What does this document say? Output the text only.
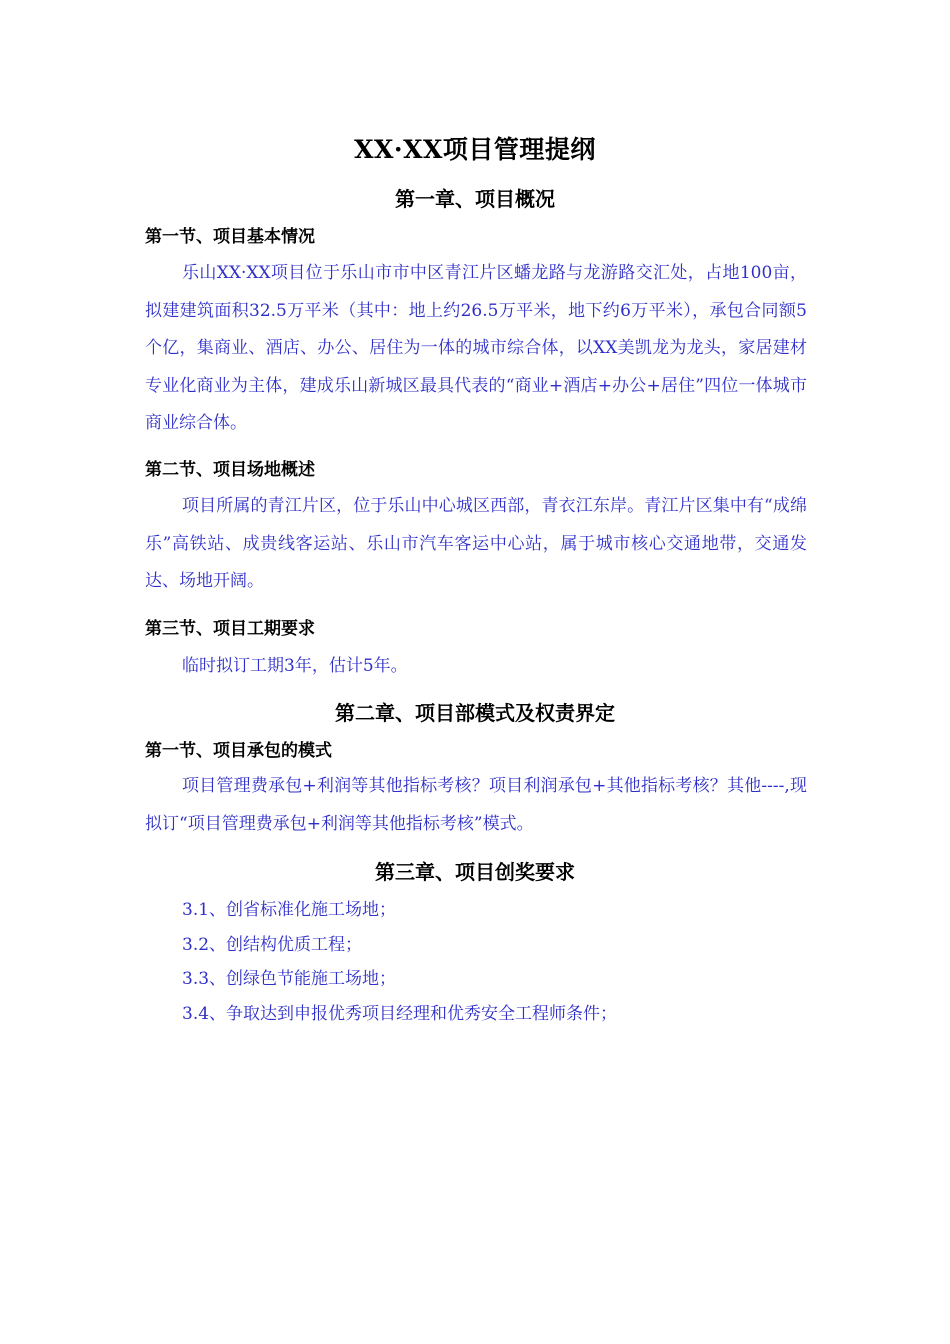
XX·XX项目管理提纲
第一章、项目概况
第一节、项目基本情况

乐山XX·XX项目位于乐山市市中区青江片区蟠龙路与龙游路交汇处，占地100亩，拟建建筑面积32.5万平米（其中：地上约26.5万平米，地下约6万平米），承包合同额5个亿，集商业、酒店、办公、居住为一体的城市综合体，以XX美凯龙为龙头，家居建材专业化商业为主体，建成乐山新城区最具代表的“商业+酒店+办公+居住”四位一体城市商业综合体。

第二节、项目场地概述

项目所属的青江片区，位于乐山中心城区西部，青衣江东岸。青江片区集中有“成绵乐”高铁站、成贵线客运站、乐山市汽车客运中心站，属于城市核心交通地带，交通发达、场地开阔。

第三节、项目工期要求

临时拟订工期3年，估计5年。

第二章、项目部模式及权责界定
第一节、项目承包的模式

项目管理费承包+利润等其他指标考核？项目利润承包+其他指标考核？其他----,现拟订“项目管理费承包+利润等其他指标考核”模式。

第三章、项目创奖要求
3.1、创省标准化施工场地；
3.2、创结构优质工程；
3.3、创绿色节能施工场地；
3.4、争取达到申报优秀项目经理和优秀安全工程师条件；
